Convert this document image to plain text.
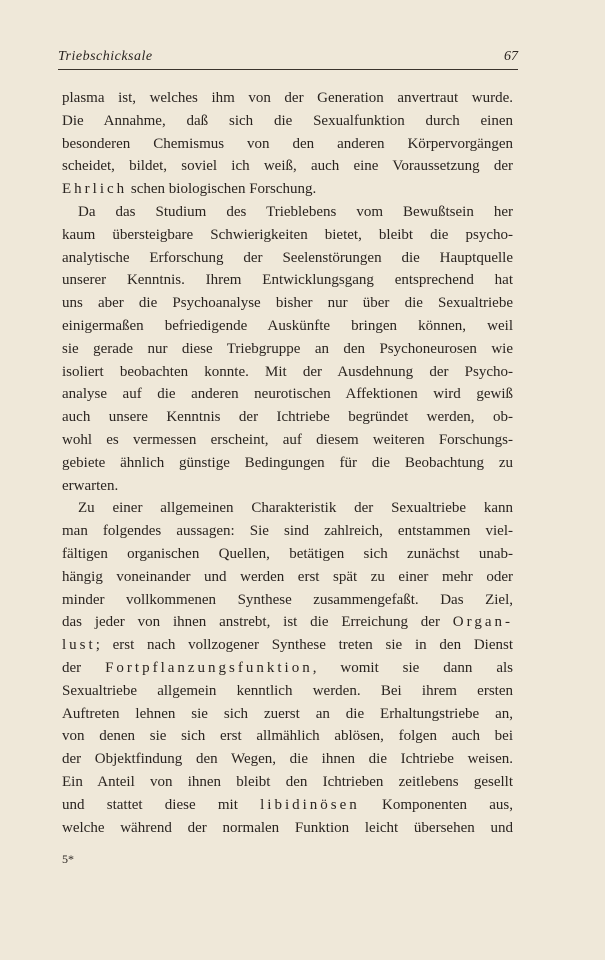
Triebschicksale	67

plasma ist, welches ihm von der Generation anvertraut wurde.

Die Annahme, daß sich die Sexualfunktion durch einen

besonderen Chemismus von den anderen Körpervorgängen

scheidet, bildet, soviel ich weiß, auch eine Voraussetzung der

Ehrlich schen biologischen Forschung.

Da das Studium des Trieblebens vom Bewußtsein her

kaum übersteigbare Schwierigkeiten bietet, bleibt die psycho-

analytische Erforschung der Seelenstörungen die Hauptquelle

unserer Kenntnis. Ihrem Entwicklungsgang entsprechend hat

uns aber die Psychoanalyse bisher nur über die Sexualtriebe

einigermaßen befriedigende Auskünfte bringen können, weil

sie gerade nur diese Triebgruppe an den Psychoneurosen wie

isoliert beobachten konnte. Mit der Ausdehnung der Psycho-

analyse auf die anderen neurotischen Affektionen wird gewiß

auch unsere Kenntnis der Ichtriebe begründet werden, ob-

wohl es vermessen erscheint, auf diesem weiteren Forschungs-

gebiete ähnlich günstige Bedingungen für die Beobachtung zu

erwarten.

Zu einer allgemeinen Charakteristik der Sexualtriebe kann

man folgendes aussagen: Sie sind zahlreich, entstammen viel-

fältigen organischen Quellen, betätigen sich zunächst unab-

hängig voneinander und werden erst spät zu einer mehr oder

minder vollkommenen Synthese zusammengefaßt. Das Ziel,

das jeder von ihnen anstrebt, ist die Erreichung der Organ-

lust; erst nach vollzogener Synthese treten sie in den Dienst

der Fortpflanzungsfunktion, womit sie dann als

Sexualtriebe allgemein kenntlich werden. Bei ihrem ersten

Auftreten lehnen sie sich zuerst an die Erhaltungstriebe an,

von denen sie sich erst allmählich ablösen, folgen auch bei

der Objektfindung den Wegen, die ihnen die Ichtriebe weisen.

Ein Anteil von ihnen bleibt den Ichtrieben zeitlebens gesellt

und stattet diese mit libidinösen Komponenten aus,

welche während der normalen Funktion leicht übersehen und

5*
